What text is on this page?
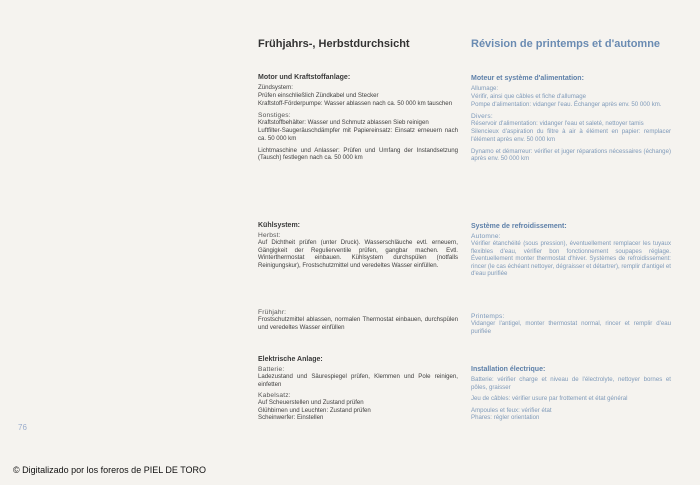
Frühjahrs-, Herbstdurchsicht
Motor und Kraftstoffanlage:

Zündsystem:
Prüfen einschließlich Zündkabel und Stecker

Kraftstoff-Förderpumpe: Wasser ablassen nach ca. 50 000 km tauschen

Sonstiges:

Kraftstoffbehälter: Wasser und Schmutz ablassen Sieb reinigen

Luftfilter-Saugeräuschdämpfer mit Papiereinsatz: Einsatz erneuern nach ca. 50 000 km

Lichtmaschine und Anlasser: Prüfen und Umfang der Instandsetzung (Tausch) festlegen nach ca. 50 000 km

Kühlsystem:

Herbst:

Auf Dichtheit prüfen (unter Druck). Wasserschläuche evtl. erneuern, Gängigkeit der Regulierventile prüfen, gangbar machen. Evtl. Winterthermostat einbauen. Kühlsystem durchspülen (notfalls Reinigungskur), Frostschutzmittel und veredeltes Wasser einfüllen.

Frühjahr:

Frostschutzmittel ablassen, normalen Thermostat einbauen, durchspülen und veredeltes Wasser einfüllen

Elektrische Anlage:

Batterie:

Ladezustand und Säurespiegel prüfen, Klemmen und Pole reinigen, einfetten

Kabelsatz:

Auf Scheuerstellen und Zustand prüfen
Glühbirnen und Leuchten: Zustand prüfen
Scheinwerfer: Einstellen

Révision de printemps et d'automne
Moteur et système d'alimentation:

Allumage:
Vérifir, ainsi que câbles et fiche d'allumage

Pompe d'alimentation: vidanger l'eau. Échanger après env. 50 000 km.

Divers:

Réservoir d'alimentation: vidanger l'eau et saleté, nettoyer tamis

Silencieux d'aspiration du filtre à air à élément en papier: remplacer l'élément après env. 50 000 km

Dynamo et démarreur: vérifier et juger réparations nécessaires (échange) après env. 50 000 km

Système de refroidissement:

Automne:

Vérifier étanchéité (sous pression), éventuellement remplacer les tuyaux flexibles d'eau, vérifier bon fonctionnement soupapes réglage. Éventuellement monter thermostat d'hiver. Systèmes de refroidissement: rincer (le cas échéant nettoyer, dégraisser et détartrer), remplir d'antigel et d'eau purifiée

Printemps:

Vidanger l'antigel, monter thermostat normal, rincer et remplir d'eau purifiée

Installation électrique:

Batterie: vérifier charge et niveau de l'électrolyte, nettoyer bornes et pôles, graisser

Jeu de câbles: vérifier usure par frottement et état général

Ampoules et feux: vérifier état
Phares: régler orientation

76
© Digitalizado por los foreros de PIEL DE TORO
